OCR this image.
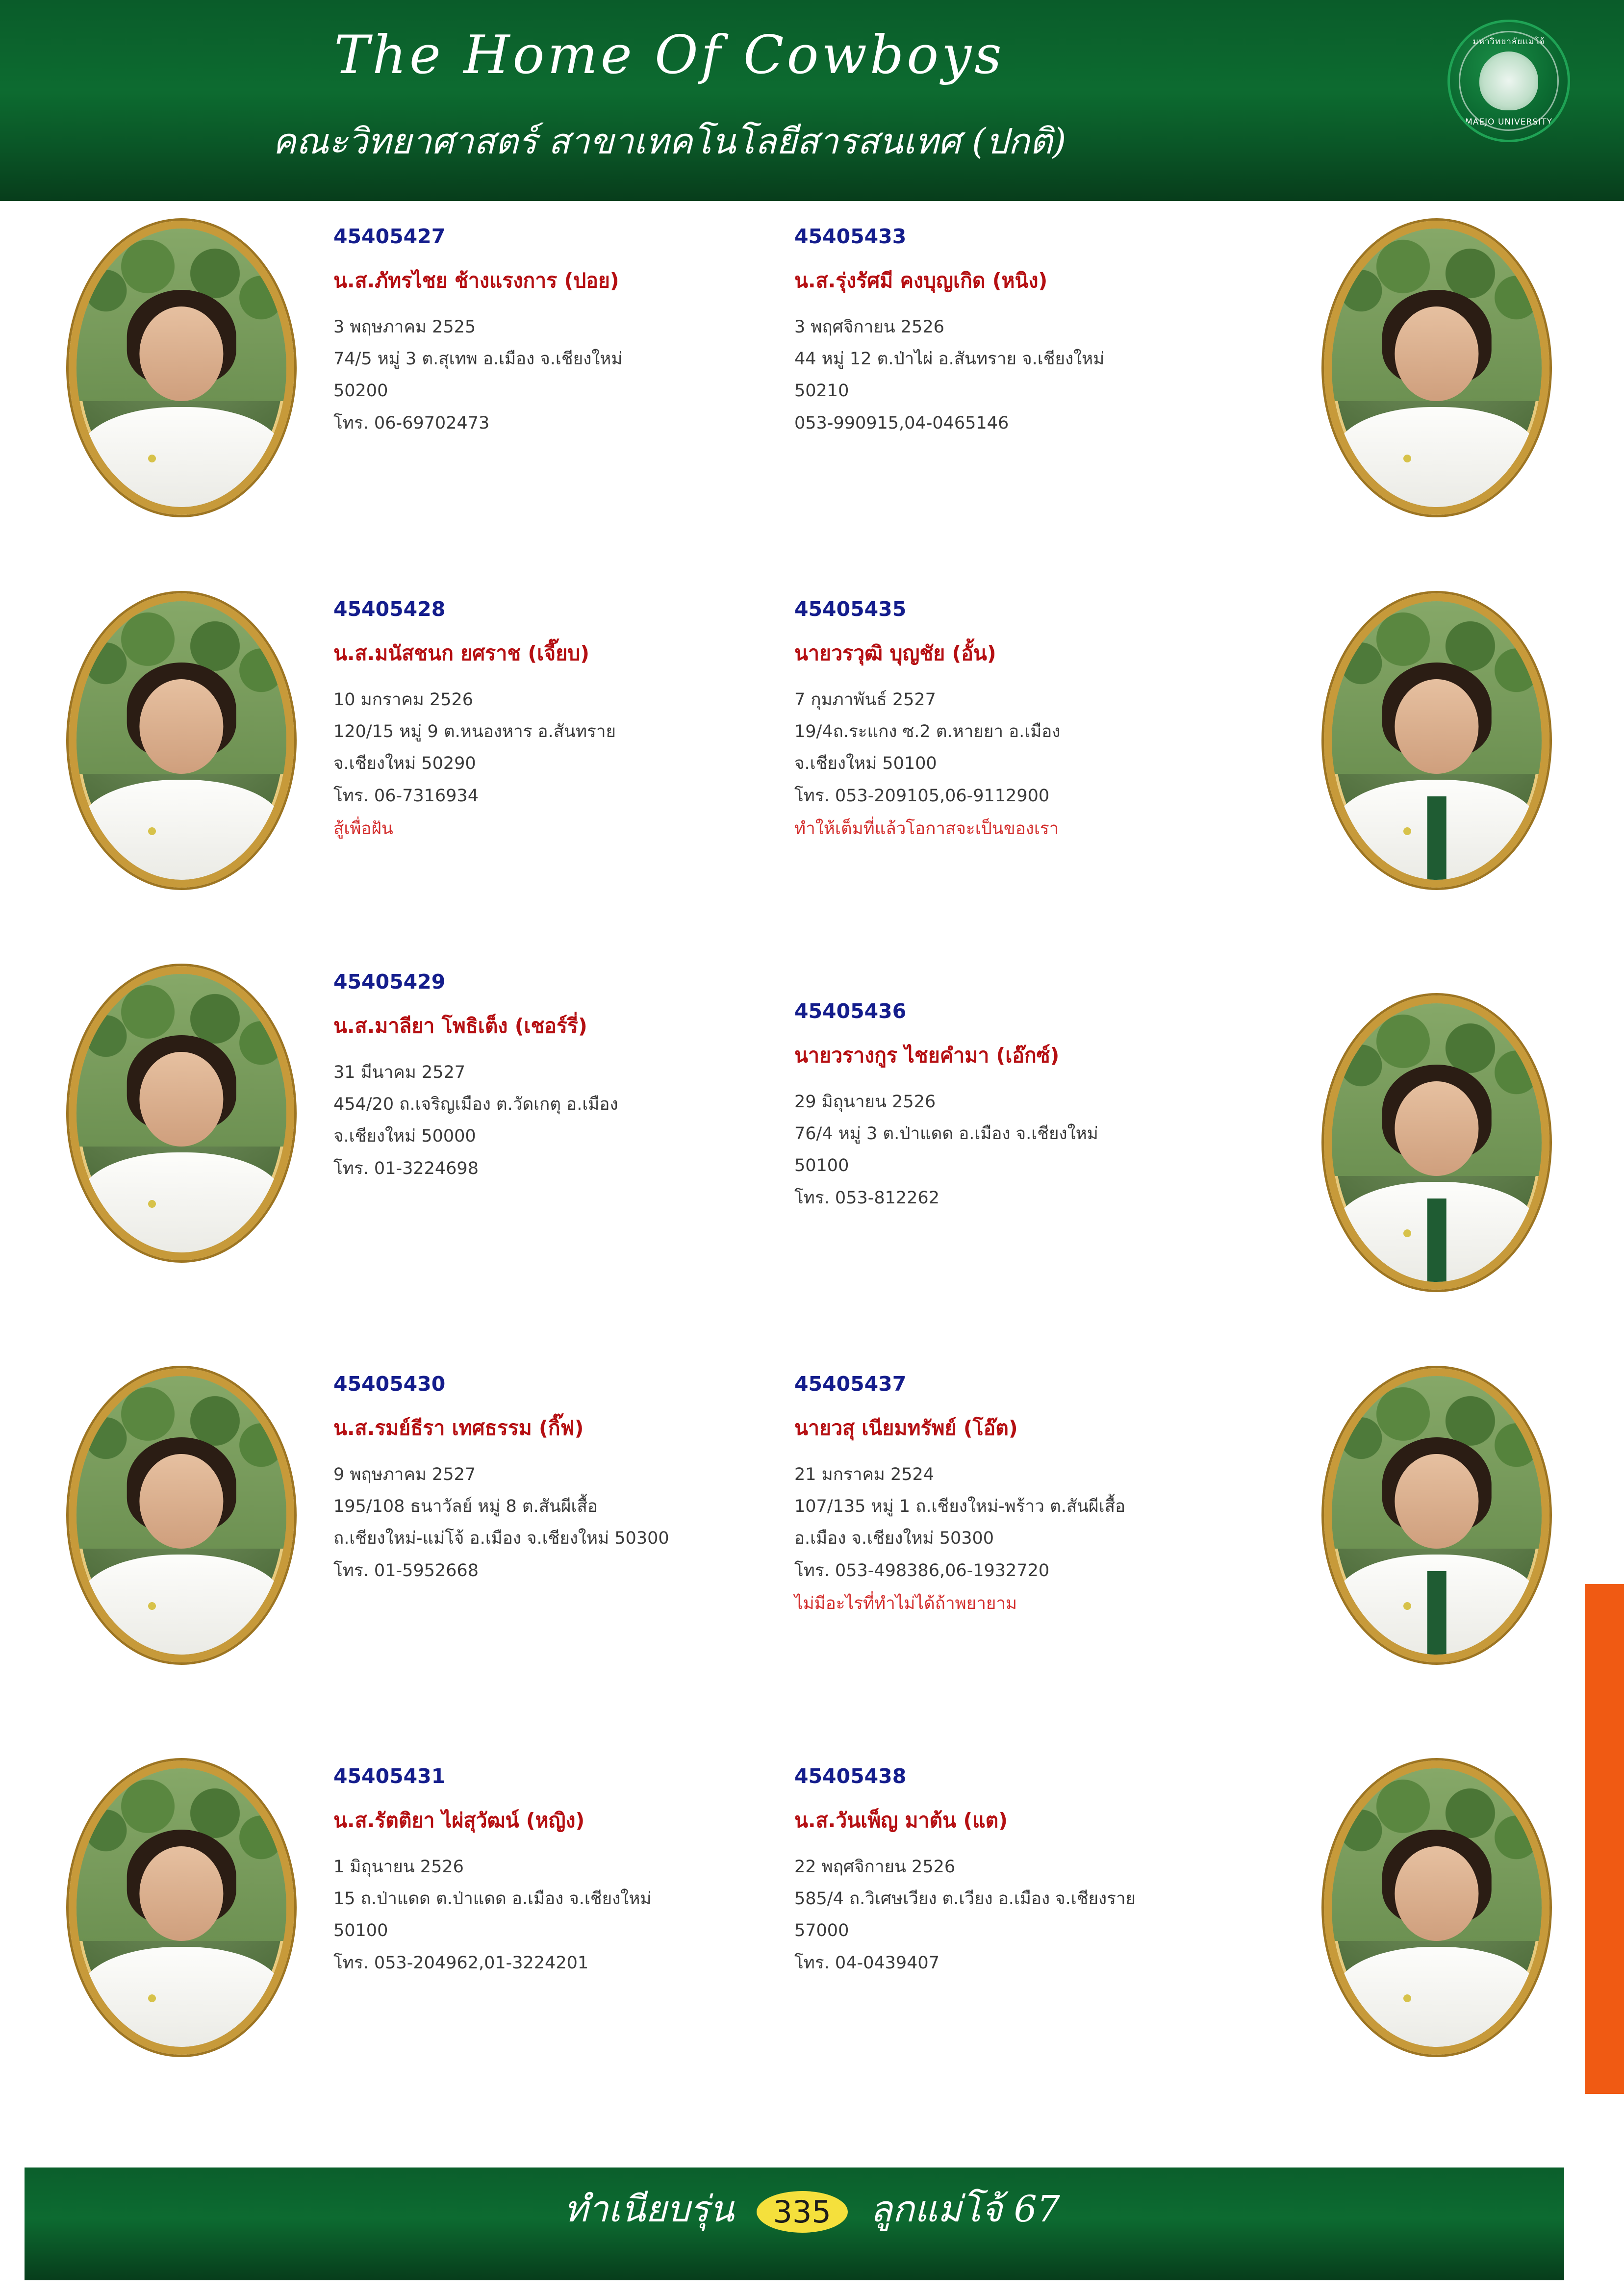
The Home Of Cowboys
คณะวิทยาศาสตร์ สาขาเทคโนโลยีสารสนเทศ (ปกติ)
มหาวิทยาลัยแม่โจ้
MAEJO UNIVERSITY
45405427
น.ส.ภัทรไชย ช้างแรงการ (ปอย)
3 พฤษภาคม 2525
74/5 หมู่ 3 ต.สุเทพ อ.เมือง จ.เชียงใหม่
50200
โทร. 06-69702473
45405433
น.ส.รุ่งรัศมี คงบุญเกิด (หนิง)
3 พฤศจิกายน 2526
44 หมู่ 12 ต.ป่าไผ่ อ.สันทราย จ.เชียงใหม่
50210
053-990915,04-0465146
45405428
น.ส.มนัสชนก ยศราช (เจี๊ยบ)
10 มกราคม 2526
120/15 หมู่ 9 ต.หนองหาร อ.สันทราย
จ.เชียงใหม่ 50290
โทร. 06-7316934
สู้เพื่อฝัน
45405435
นายวรวุฒิ บุญชัย (อั้น)
7 กุมภาพันธ์ 2527
19/4ถ.ระแกง ซ.2 ต.หายยา อ.เมือง
จ.เชียงใหม่ 50100
โทร. 053-209105,06-9112900
ทำให้เต็มที่แล้วโอกาสจะเป็นของเรา
45405429
น.ส.มาลียา โพธิเต็ง (เชอร์รี่)
31 มีนาคม 2527
454/20 ถ.เจริญเมือง ต.วัดเกตุ อ.เมือง
จ.เชียงใหม่ 50000
โทร. 01-3224698
45405436
นายวรางกูร ไชยคำมา (เอ๊กซ์)
29 มิถุนายน 2526
76/4 หมู่ 3 ต.ป่าแดด อ.เมือง จ.เชียงใหม่
50100
โทร. 053-812262
45405430
น.ส.รมย์ธีรา เทศธรรม (กิ๊ฟ)
9 พฤษภาคม 2527
195/108 ธนาวัลย์ หมู่ 8 ต.สันผีเสื้อ
ถ.เชียงใหม่-แม่โจ้ อ.เมือง จ.เชียงใหม่ 50300
โทร. 01-5952668
45405437
นายวสุ เนียมทรัพย์ (โอ๊ต)
21 มกราคม 2524
107/135 หมู่ 1 ถ.เชียงใหม่-พร้าว ต.สันผีเสื้อ
อ.เมือง จ.เชียงใหม่ 50300
โทร. 053-498386,06-1932720
ไม่มีอะไรที่ทำไม่ได้ถ้าพยายาม
45405431
น.ส.รัตติยา ไผ่สุวัฒน์ (หญิง)
1 มิถุนายน 2526
15 ถ.ป่าแดด ต.ป่าแดด อ.เมือง จ.เชียงใหม่
50100
โทร. 053-204962,01-3224201
45405438
น.ส.วันเพ็ญ มาต้น (แต)
22 พฤศจิกายน 2526
585/4 ถ.วิเศษเวียง ต.เวียง อ.เมือง จ.เชียงราย
57000
โทร. 04-0439407
ทำเนียบรุ่น 335 ลูกแม่โจ้ 67
